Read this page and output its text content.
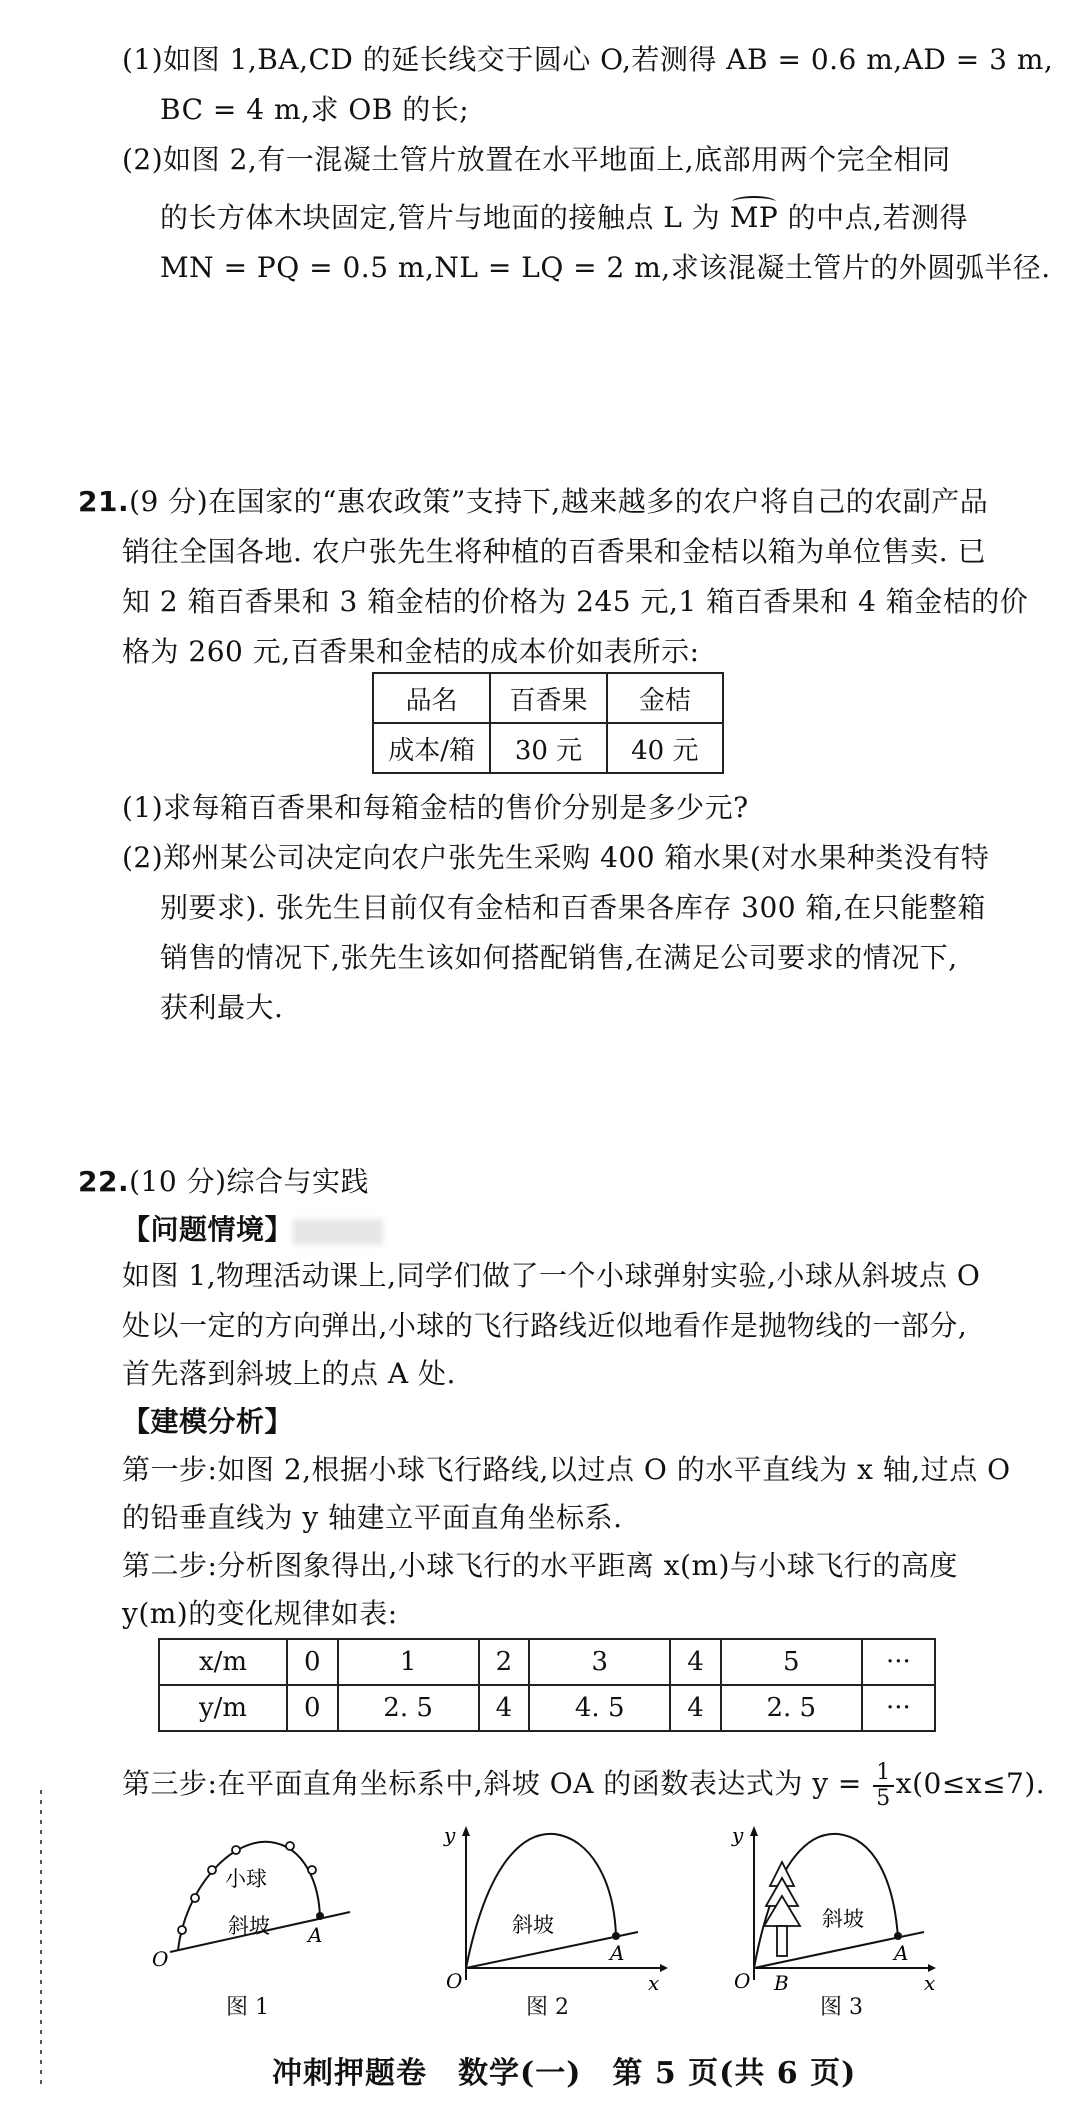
(1)如图 1,BA,CD 的延长线交于圆心 O,若测得 AB = 0.6 m,AD = 3 m,
BC = 4 m,求 OB 的长;
(2)如图 2,有一混凝土管片放置在水平地面上,底部用两个完全相同
的长方体木块固定,管片与地面的接触点 L 为 MP 的中点,若测得
MN = PQ = 0.5 m,NL = LQ = 2 m,求该混凝土管片的外圆弧半径.
21.(9 分)在国家的“惠农政策”支持下,越来越多的农户将自己的农副产品
销往全国各地. 农户张先生将种植的百香果和金桔以箱为单位售卖. 已
知 2 箱百香果和 3 箱金桔的价格为 245 元,1 箱百香果和 4 箱金桔的价
格为 260 元,百香果和金桔的成本价如表所示:
品名	百香果	金桔
成本/箱	30 元	40 元
(1)求每箱百香果和每箱金桔的售价分别是多少元?
(2)郑州某公司决定向农户张先生采购 400 箱水果(对水果种类没有特
别要求). 张先生目前仅有金桔和百香果各库存 300 箱,在只能整箱
销售的情况下,张先生该如何搭配销售,在满足公司要求的情况下,
获利最大.
22.(10 分)综合与实践
【问题情境】
如图 1,物理活动课上,同学们做了一个小球弹射实验,小球从斜坡点 O
处以一定的方向弹出,小球的飞行路线近似地看作是抛物线的一部分,
首先落到斜坡上的点 A 处.
【建模分析】
第一步:如图 2,根据小球飞行路线,以过点 O 的水平直线为 x 轴,过点 O
的铅垂直线为 y 轴建立平面直角坐标系.
第二步:分析图象得出,小球飞行的水平距离 x(m)与小球飞行的高度
y(m)的变化规律如表:
x/m	0	1	2	3	4	5	···
y/m	0	2. 5	4	4. 5	4	2. 5	···
第三步:在平面直角坐标系中,斜坡 OA 的函数表达式为 $y = \frac{1}{5} x(0\le x\le 7)$.
小球
斜坡
O
A
图 1
斜坡
O
A
x
y
图 2
斜坡
O B
A
x
y
图 3
冲刺押题卷　数学(一)　第 5 页(共 6 页)
